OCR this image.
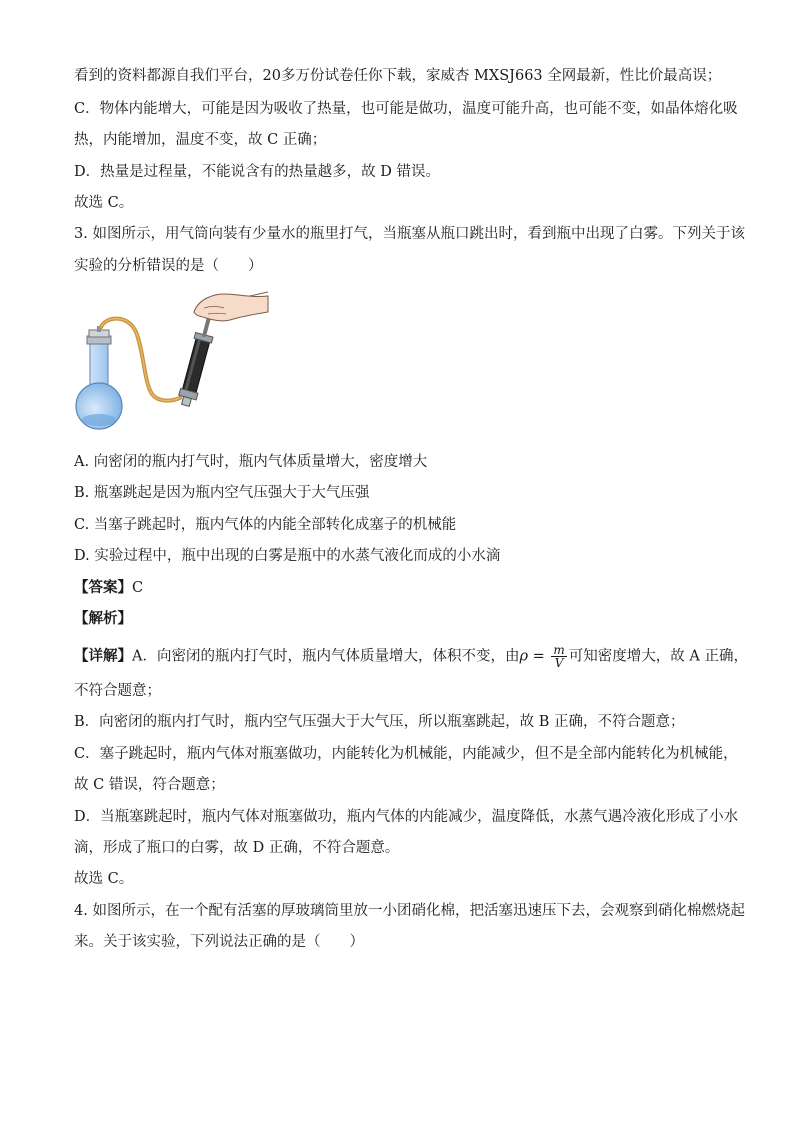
看到的资料都源自我们平台，20多万份试卷任你下载，家威杏 MXSJ663 全网最新，性比价最高误；
C．物体内能增大，可能是因为吸收了热量，也可能是做功，温度可能升高，也可能不变，如晶体熔化吸
热，内能增加，温度不变，故 C 正确；
D．热量是过程量，不能说含有的热量越多，故 D 错误。
故选 C。
3. 如图所示，用气筒向装有少量水的瓶里打气，当瓶塞从瓶口跳出时，看到瓶中出现了白雾。下列关于该
实验的分析错误的是（　　）
A. 向密闭的瓶内打气时，瓶内气体质量增大，密度增大
B. 瓶塞跳起是因为瓶内空气压强大于大气压强
C. 当塞子跳起时，瓶内气体的内能全部转化成塞子的机械能
D. 实验过程中，瓶中出现的白雾是瓶中的水蒸气液化而成的小水滴
【答案】C
【解析】
【详解】A．向密闭的瓶内打气时，瓶内气体质量增大，体积不变，由$\rho = \frac{m}{V}$ 可知密度增大，故 A 正确，
不符合题意；
B．向密闭的瓶内打气时，瓶内空气压强大于大气压，所以瓶塞跳起，故 B 正确，不符合题意；
C．塞子跳起时，瓶内气体对瓶塞做功，内能转化为机械能，内能减少，但不是全部内能转化为机械能，
故 C 错误，符合题意；
D．当瓶塞跳起时，瓶内气体对瓶塞做功，瓶内气体的内能减少，温度降低，水蒸气遇冷液化形成了小水
滴，形成了瓶口的白雾，故 D 正确，不符合题意。
故选 C。
4. 如图所示，在一个配有活塞的厚玻璃筒里放一小团硝化棉，把活塞迅速压下去，会观察到硝化棉燃烧起
来。关于该实验，下列说法正确的是（　　）
